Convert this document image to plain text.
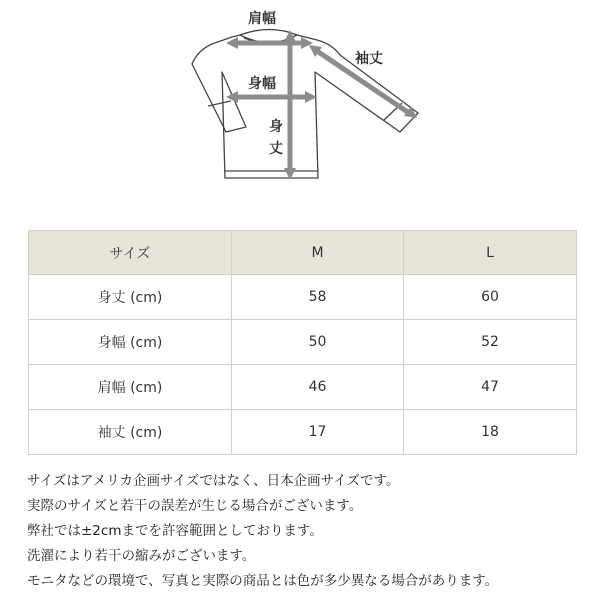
肩幅
袖丈
身幅
身丈
サイズ	M	L
身丈 (cm)	58	60
身幅 (cm)	50	52
肩幅 (cm)	46	47
袖丈 (cm)	17	18
サイズはアメリカ企画サイズではなく、日本企画サイズです。
実際のサイズと若干の誤差が生じる場合がございます。
弊社では±2cmまでを許容範囲としております。
洗濯により若干の縮みがございます。
モニタなどの環境で、写真と実際の商品とは色が多少異なる場合があります。
